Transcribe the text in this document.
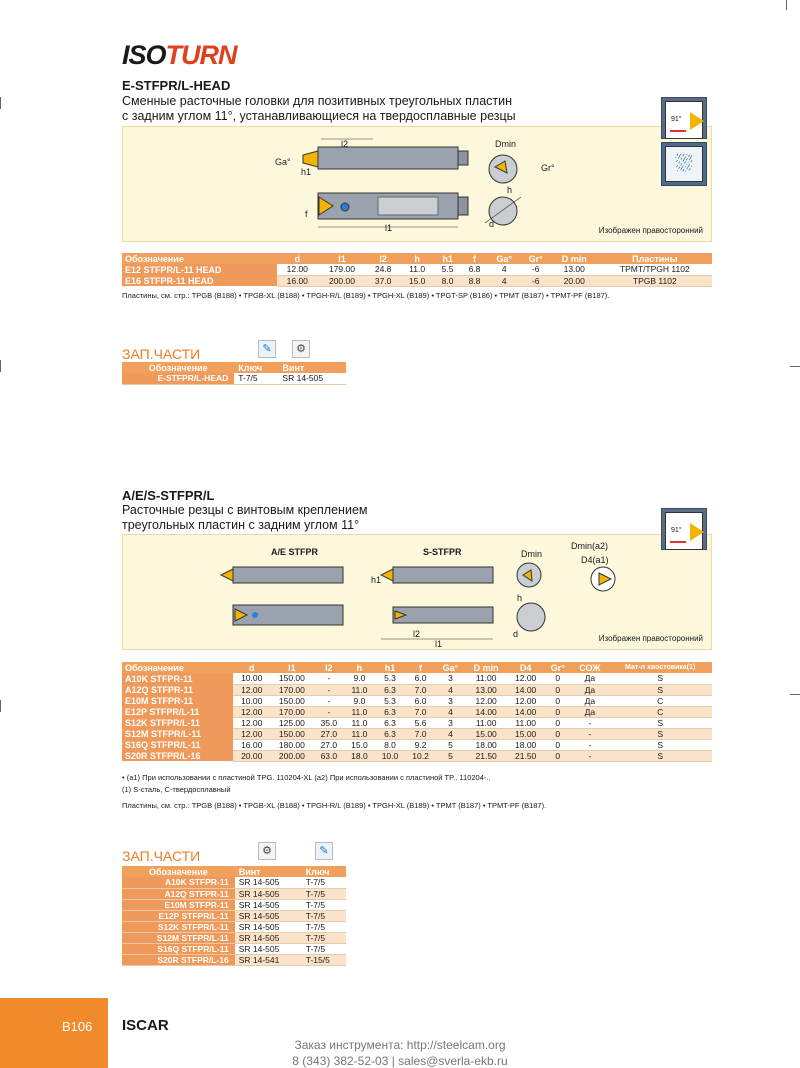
ISOTURN
E-STFPR/L-HEAD
Сменные расточные головки для позитивных треугольных пластин
с задним углом 11°, устанавливающиеся на твердосплавные резцы
l2
Ga°
h1
f
l1
Dmin
Gr°
h
d
Изображен правосторонний
91°
⛆
Обозначение	d	l1	l2	h	h1	f	Ga°	Gr°	D min	Пластины
E12 STFPR/L-11 HEAD	12.00	179.00	24.8	11.0	5.5	6.8	4	-6	13.00	TPMT/TPGH 1102
E16 STFPR-11 HEAD	16.00	200.00	37.0	15.0	8.0	8.8	4	-6	20.00	TPGB 1102
Пластины, см. стр.: TPGB (B188) • TPGB-XL (B188) • TPGH-R/L (B189) • TPGH-XL (B189) • TPGT-SP (B186) • TPMT (B187) • TPMT-PF (B187).
ЗАП.ЧАСТИ	✎	⚙
Обозначение	Ключ	Винт
E-STFPR/L-HEAD	T-7/5	SR 14-505
A/E/S-STFPR/L
Расточные резцы с винтовым креплением
треугольных пластин с задним углом 11°
A/E STFPR	S-STFPR	Dmin
Dmin(a2)
D4(a1)
h1
h
l2
l1
d	Изображен правосторонний
91°
Обозначение	d	l1	l2	h	h1	f	Ga°	D min	D4	Gr°	СОЖ	Мат-л хвостовика(1)
A10K STFPR-11	10.00	150.00	-	9.0	5.3	6.0	3	11.00	12.00	0	Да	S
A12Q STFPR-11	12.00	170.00	-	11.0	6.3	7.0	4	13.00	14.00	0	Да	S
E10M STFPR-11	10.00	150.00	-	9.0	5.3	6.0	3	12.00	12.00	0	Да	C
E12P STFPR/L-11	12.00	170.00	-	11.0	6.3	7.0	4	14.00	14.00	0	Да	C
S12K STFPR/L-11	12.00	125.00	35.0	11.0	6.3	5.6	3	11.00	11.00	0	-	S
S12M STFPR/L-11	12.00	150.00	27.0	11.0	6.3	7.0	4	15.00	15.00	0	-	S
S16Q STFPR/L-11	16.00	180.00	27.0	15.0	8.0	9.2	5	18.00	18.00	0	-	S
S20R STFPR/L-16	20.00	200.00	63.0	18.0	10.0	10.2	5	21.50	21.50	0	-	S
• (a1) При использовании с пластиной TPG. 110204-XL (a2) При использовании с пластиной TP.. 110204-..
(1) S-сталь, С-твердосплавный
Пластины, см. стр.: TPGB (B188) • TPGB-XL (B188) • TPGH-R/L (B189) • TPGH-XL (B189) • TPMT (B187) • TPMT-PF (B187).
ЗАП.ЧАСТИ	⚙	✎
Обозначение	Винт	Ключ
A10K STFPR-11	SR 14-505	T-7/5
A12Q STFPR-11	SR 14-505	T-7/5
E10M STFPR-11	SR 14-505	T-7/5
E12P STFPR/L-11	SR 14-505	T-7/5
S12K STFPR/L-11	SR 14-505	T-7/5
S12M STFPR/L-11	SR 14-505	T-7/5
S16Q STFPR/L-11	SR 14-505	T-7/5
S20R STFPR/L-16	SR 14-541	T-15/5
B106 ISCAR
Заказ инструмента: http://steelcam.org
8 (343) 382-52-03 | sales@sverla-ekb.ru
